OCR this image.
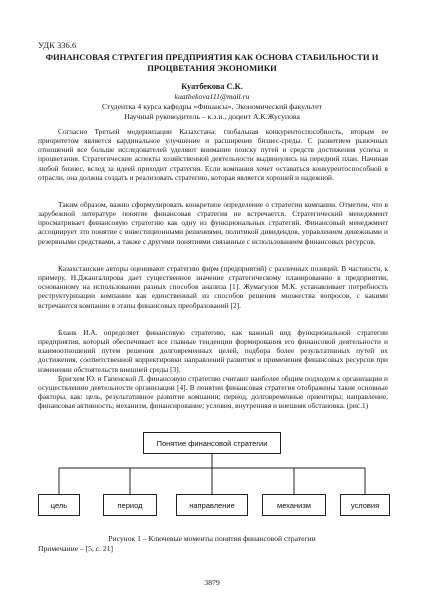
УДК 336.6
ФИНАНСОВАЯ СТРАТЕГИЯ ПРЕДПРИЯТИЯ КАК ОСНОВА СТАБИЛЬНОСТИ И ПРОЦВЕТАНИЯ ЭКОНОМИКИ
Куатбекова С.К.
kuatbekova111@mail.ru
Студентка 4 курса кафедры «Финансы», Экономический факультет
Научный руководитель – к.э.н., доцент А.К.Жусупова
Согласно Третьей модернизации Казахстана: глобальная конкурентоспособность, вторым ее приоритетом является кардинальное улучшение и расширение бизнес-среды. С развитием рыночных отношений все больше исследователей уделяют внимание поиску путей и средств достижения успеха и процветания. Стратегические аспекты хозяйственной деятельности выдвинулись на передний план. Начиная любой бизнес, вслед за идеей приходит стратегия. Если компания хочет оставаться конкурентоспособной в отрасли, она должна создать и реализовать стратегию, которая является хорошей и надежной.
Таким образом, важно сформулировать конкретное определение о стратегии компании. Отметим, что в зарубежной литературе понятие финансовая стратегия не встречается. Стратегический менеджмент просматривает финансовую стратегию как одну из функциональных стратегий. Финансовый менеджмент ассоциирует это понятие с инвестиционными решениями, политикой дивидендов, управлением денежными и резервными средствами, а также с другими понятиями связанные с использованием финансовых ресурсов.
Казахстанские авторы оценивают стратегию фирм (предприятий) с различных позиций. В частности, к примеру, Н.Джангалирова дает существенное значение стратегическому планированию в предприятии, основанному на использовании разных способов анализа [1]. Жумагулов М.К. устанавливает потребность реструктуризации компании как единственный из способов решения множества вопросов, с какими встречаются компании в этапы финансовых преобразований [2].
Бланк И.А. определяет финансовую стратегию, как важный вид функциональной стратегии предприятия, который обеспечивает все главные тенденции формирования его финансовой деятельности и взаимоотношений путем решения долговременных целей, подбора более результативных путей их достижения, соответственной корректировки направлений развития и применения финансовых ресурсов при изменении обстоятельств внешней среды [3].
Бригхем Ю. и Гапенской Л. финансовую стратегию считают наиболее общим подходом к организации и осуществлению деятельности организации [4]. В понятии финансовая стратегия отображены такие основные факторы, как: цель, результативное развитие компании; период, долговременные ориентиры; направление, финансовая активность; механизм, финансирование; условия, внутренняя и внешняя обстановка. (рис.1)
Понятие финансовой стратегии
цель	период	направление	механизм	условия
Рисунок 1 – Ключевые моменты понятия финансовой стратегии
Примечание – [5, с. 21]
3879
